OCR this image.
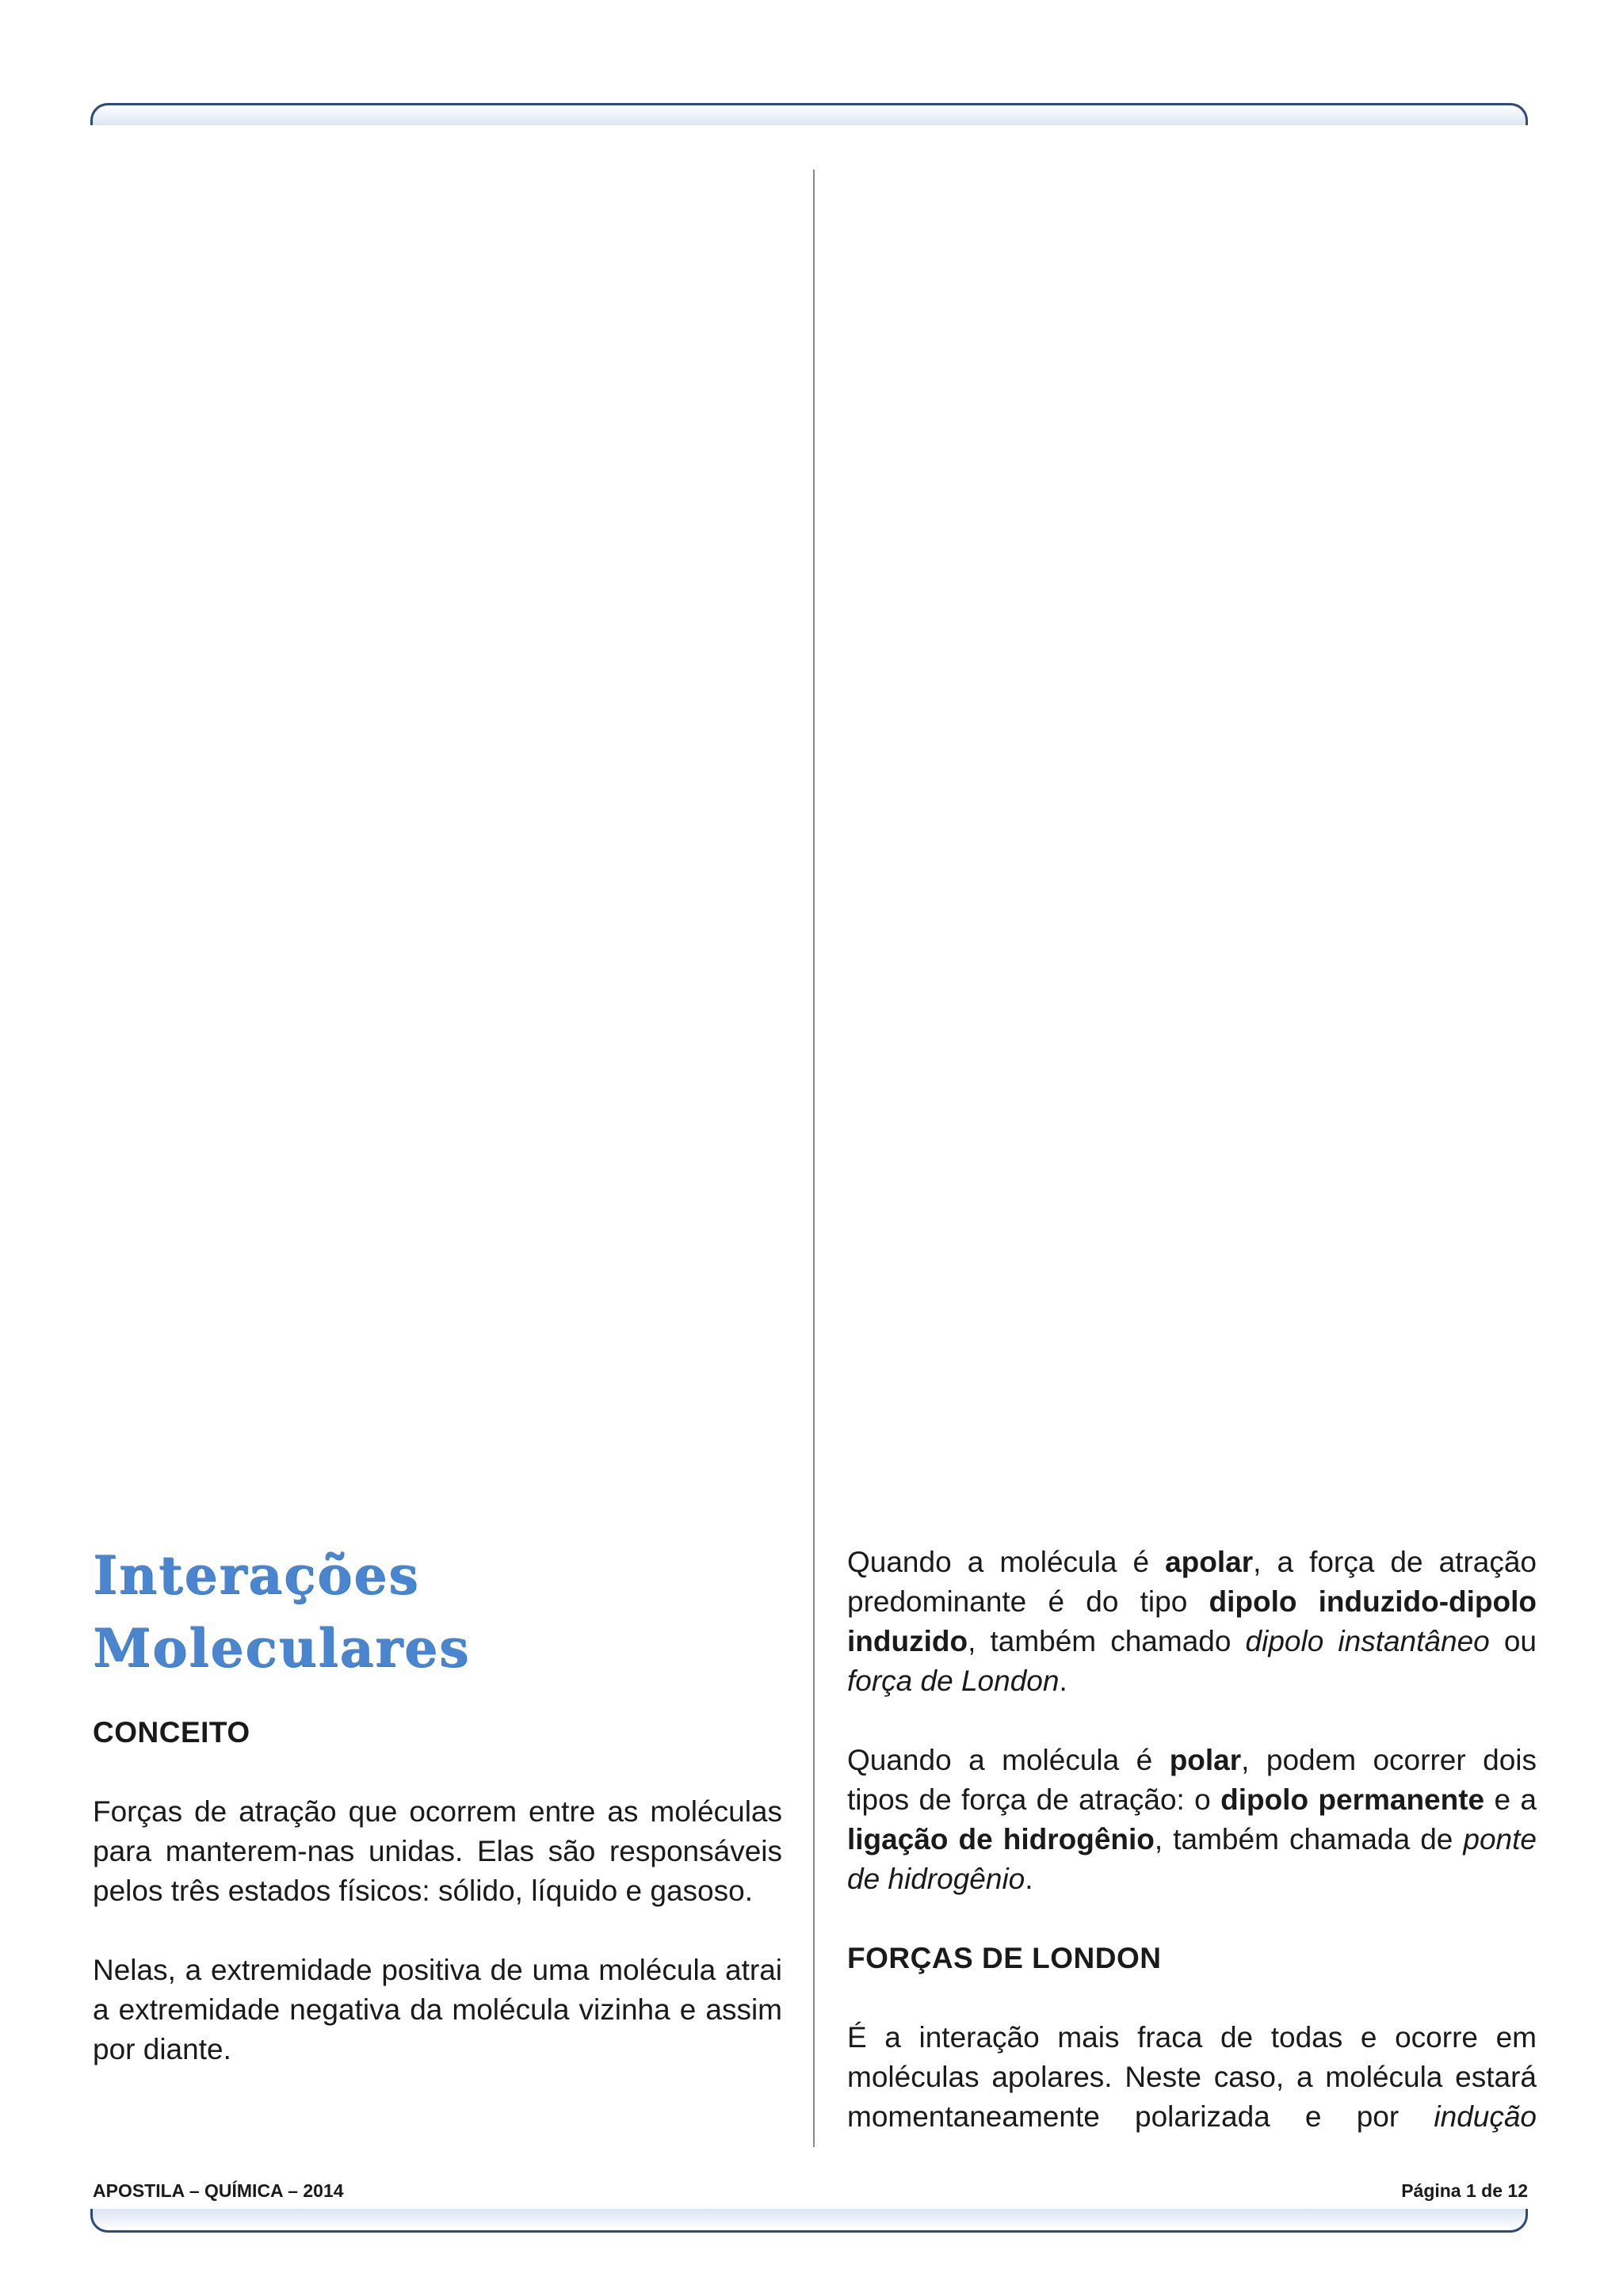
Interações
Moleculares
CONCEITO

Forças de atração que ocorrem entre as moléculas para manterem-nas unidas. Elas são responsáveis pelos três estados físicos: sólido, líquido e gasoso.

Nelas, a extremidade positiva de uma molécula atrai a extremidade negativa da molécula vizinha e assim por diante.

Quando a molécula é apolar, a força de atração predominante é do tipo dipolo induzido-dipolo induzido, também chamado dipolo instantâneo ou força de London.

Quando a molécula é polar, podem ocorrer dois tipos de força de atração: o dipolo permanente e a ligação de hidrogênio, também chamada de ponte de hidrogênio.

FORÇAS DE LONDON

É a interação mais fraca de todas e ocorre em moléculas apolares. Neste caso, a molécula estará momentaneamente polarizada e por indução

APOSTILA – QUÍMICA – 2014	Página 1 de 12
